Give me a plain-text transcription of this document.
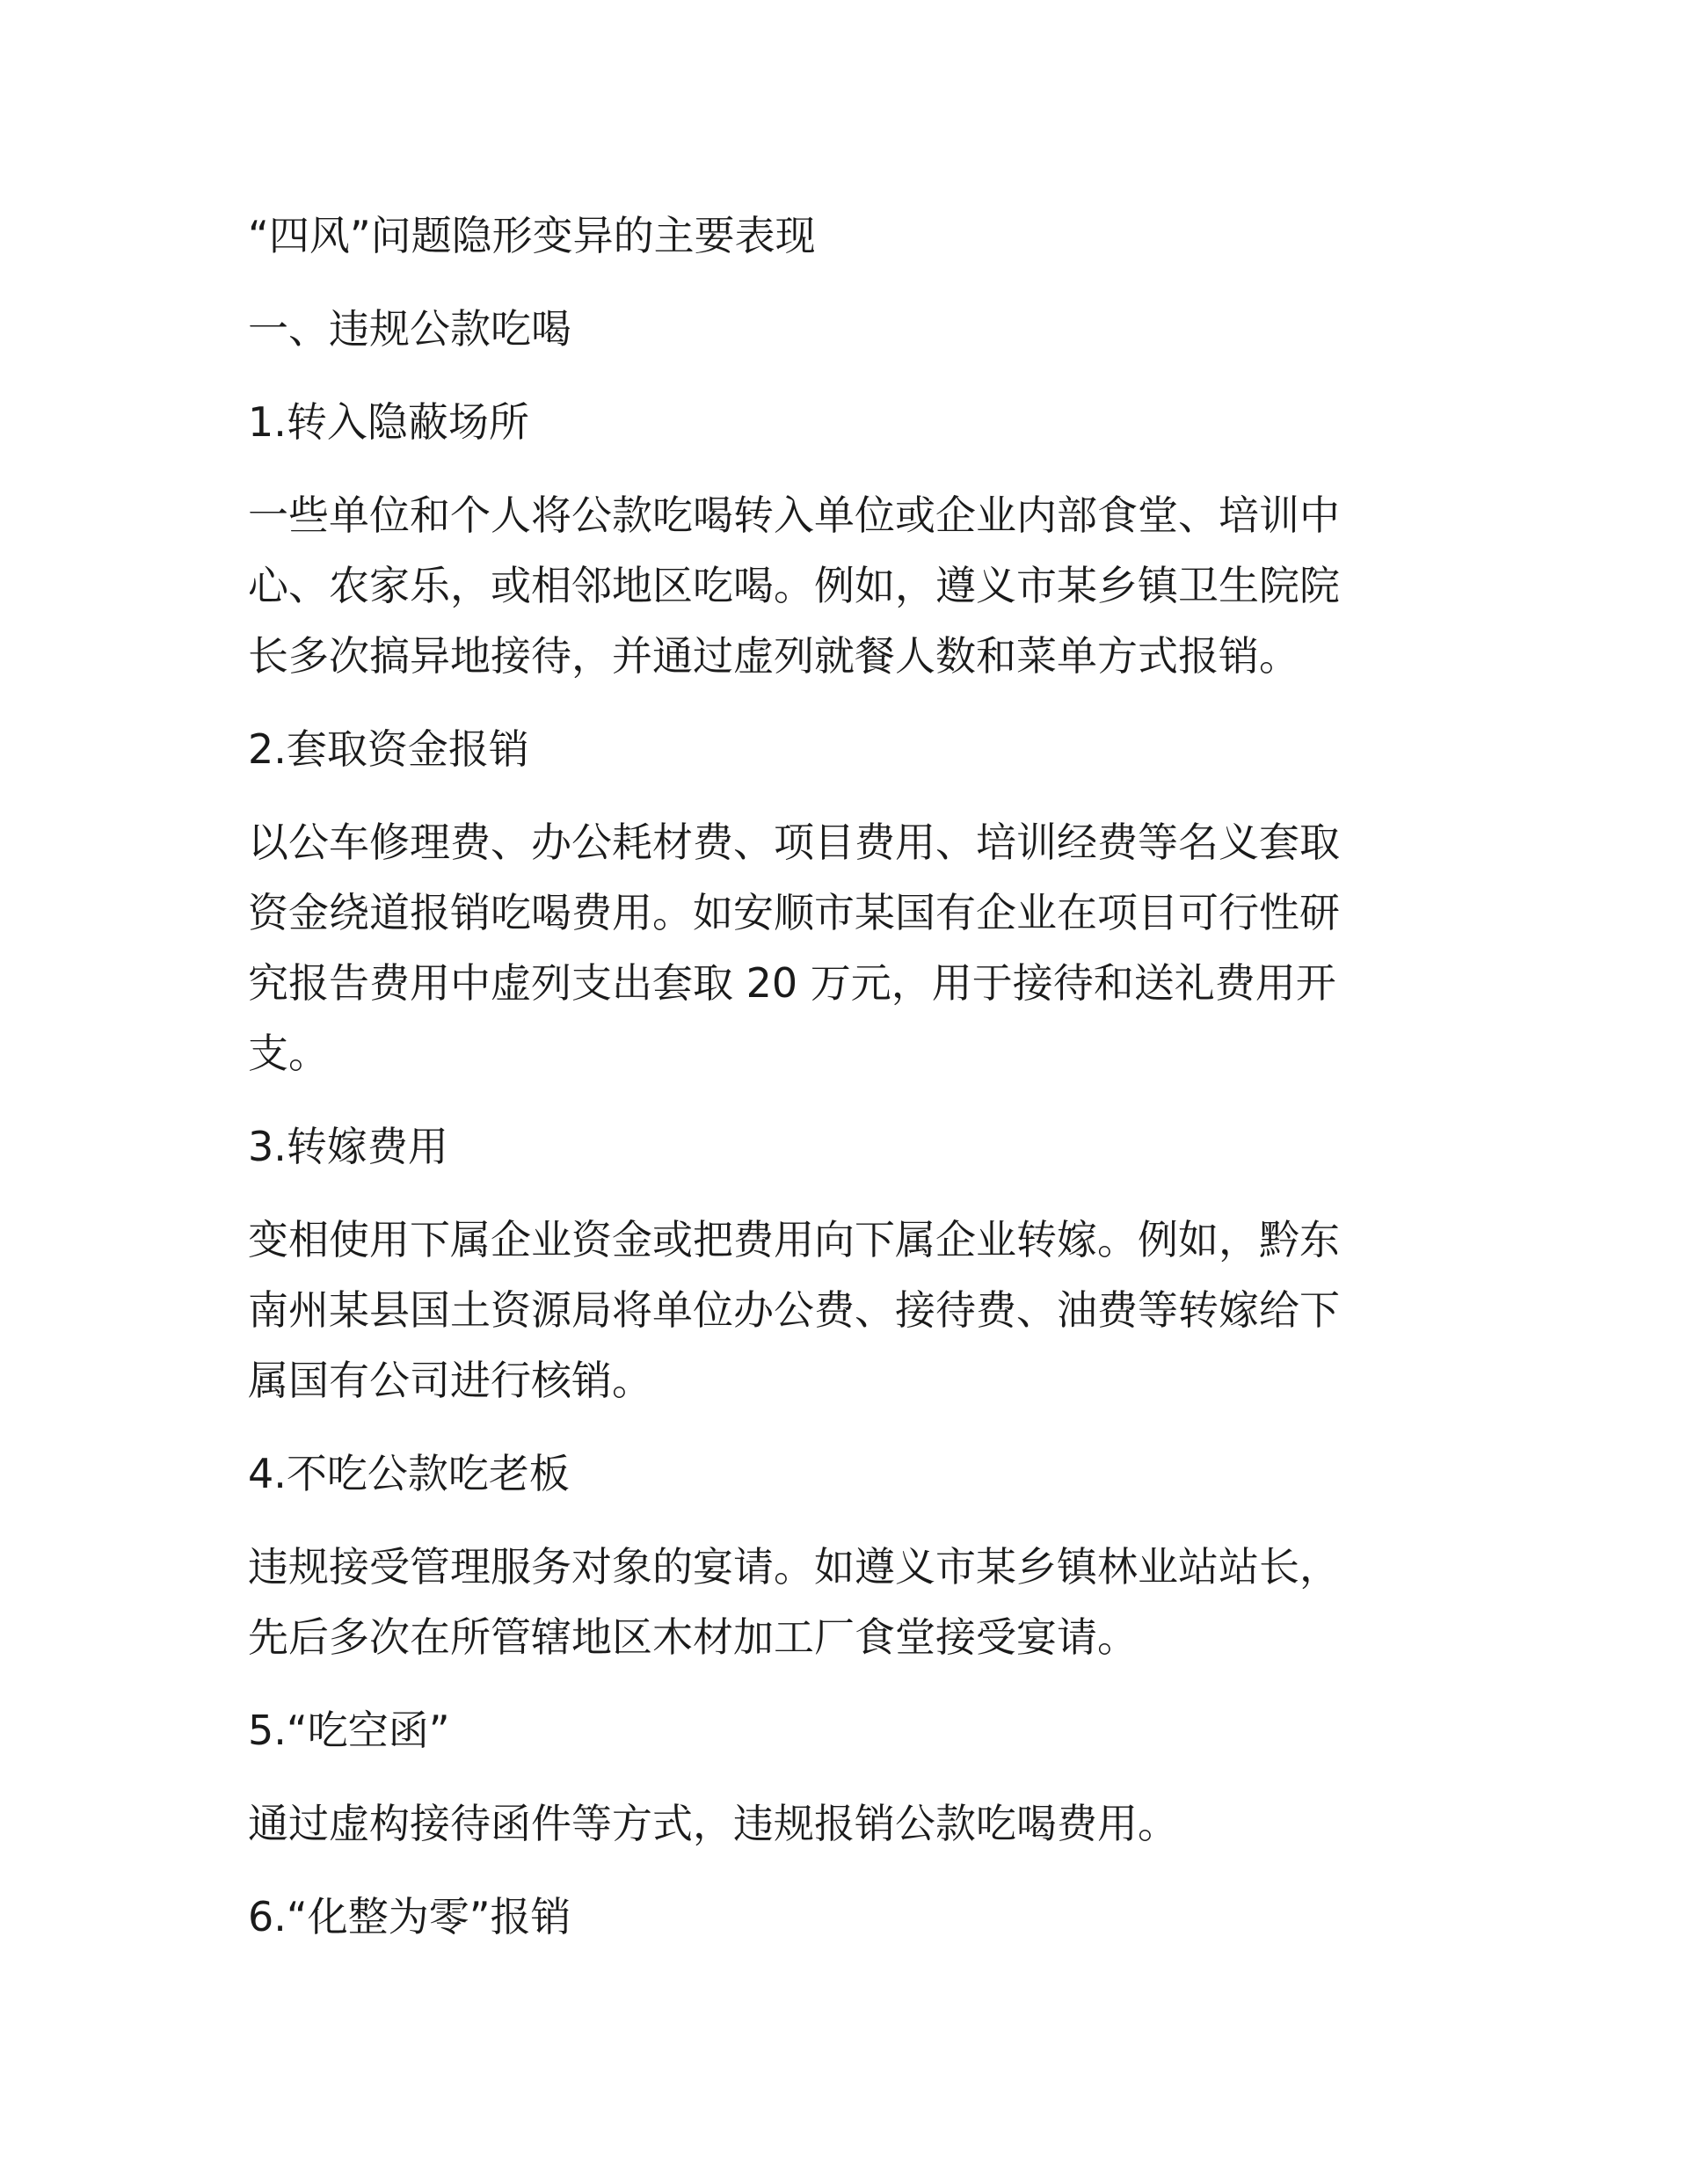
“四风”问题隐形变异的主要表现
一、违规公款吃喝
1.转入隐蔽场所

一些单位和个人将公款吃喝转入单位或企业内部食堂、培训中
心、农家乐，或相邻地区吃喝。例如，遵义市某乡镇卫生院院
长多次搞异地接待，并通过虚列就餐人数和菜单方式报销。

2.套取资金报销

以公车修理费、办公耗材费、项目费用、培训经费等名义套取
资金绕道报销吃喝费用。如安顺市某国有企业在项目可行性研
究报告费用中虚列支出套取 20 万元，用于接待和送礼费用开
支。

3.转嫁费用

变相使用下属企业资金或把费用向下属企业转嫁。例如，黔东
南州某县国土资源局将单位办公费、接待费、油费等转嫁给下
属国有公司进行核销。

4.不吃公款吃老板

违规接受管理服务对象的宴请。如遵义市某乡镇林业站站长，
先后多次在所管辖地区木材加工厂食堂接受宴请。

5.“吃空函”

通过虚构接待函件等方式，违规报销公款吃喝费用。

6.“化整为零”报销
